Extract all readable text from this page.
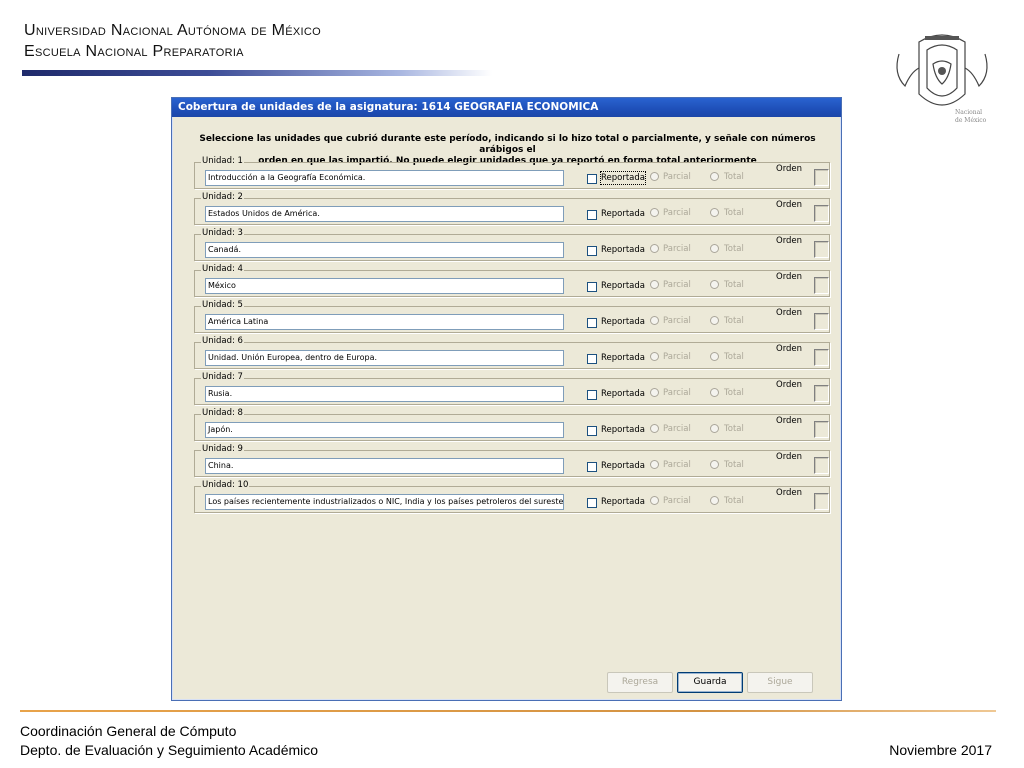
Universidad Nacional Autónoma de México
Escuela Nacional Preparatoria
Nacional
de México
Cobertura de unidades de la asignatura: 1614 GEOGRAFIA ECONOMICA
Seleccione las unidades que cubrió durante este período, indicando si lo hizo total o parcialmente, y señale con números arábigos el
orden en que las impartió. No puede elegir unidades que ya reportó en forma total anteriormente
Unidad: 1
Introducción a la Geografía Económica.	Reportada Parcial	Total
Orden
Unidad: 2
Estados Unidos de América.	Reportada Parcial	Total
Orden
Unidad: 3
Canadá.	Reportada Parcial	Total
Orden
Unidad: 4
México	Reportada Parcial	Total
Orden
Unidad: 5
América Latina	Reportada Parcial	Total
Orden
Unidad: 6
Unidad. Unión Europea, dentro de Europa.	Reportada Parcial	Total
Orden
Unidad: 7
Rusia.	Reportada Parcial	Total
Orden
Unidad: 8
Japón.	Reportada Parcial	Total
Orden
Unidad: 9
China.	Reportada Parcial	Total
Orden
Unidad: 10
Los países recientemente industrializados o NIC, India y los países petroleros del sureste	Reportada Parcial	Total
Orden
Regresa	Guarda	Sigue
Coordinación General de Cómputo
Depto. de Evaluación y Seguimiento Académico	Noviembre 2017
